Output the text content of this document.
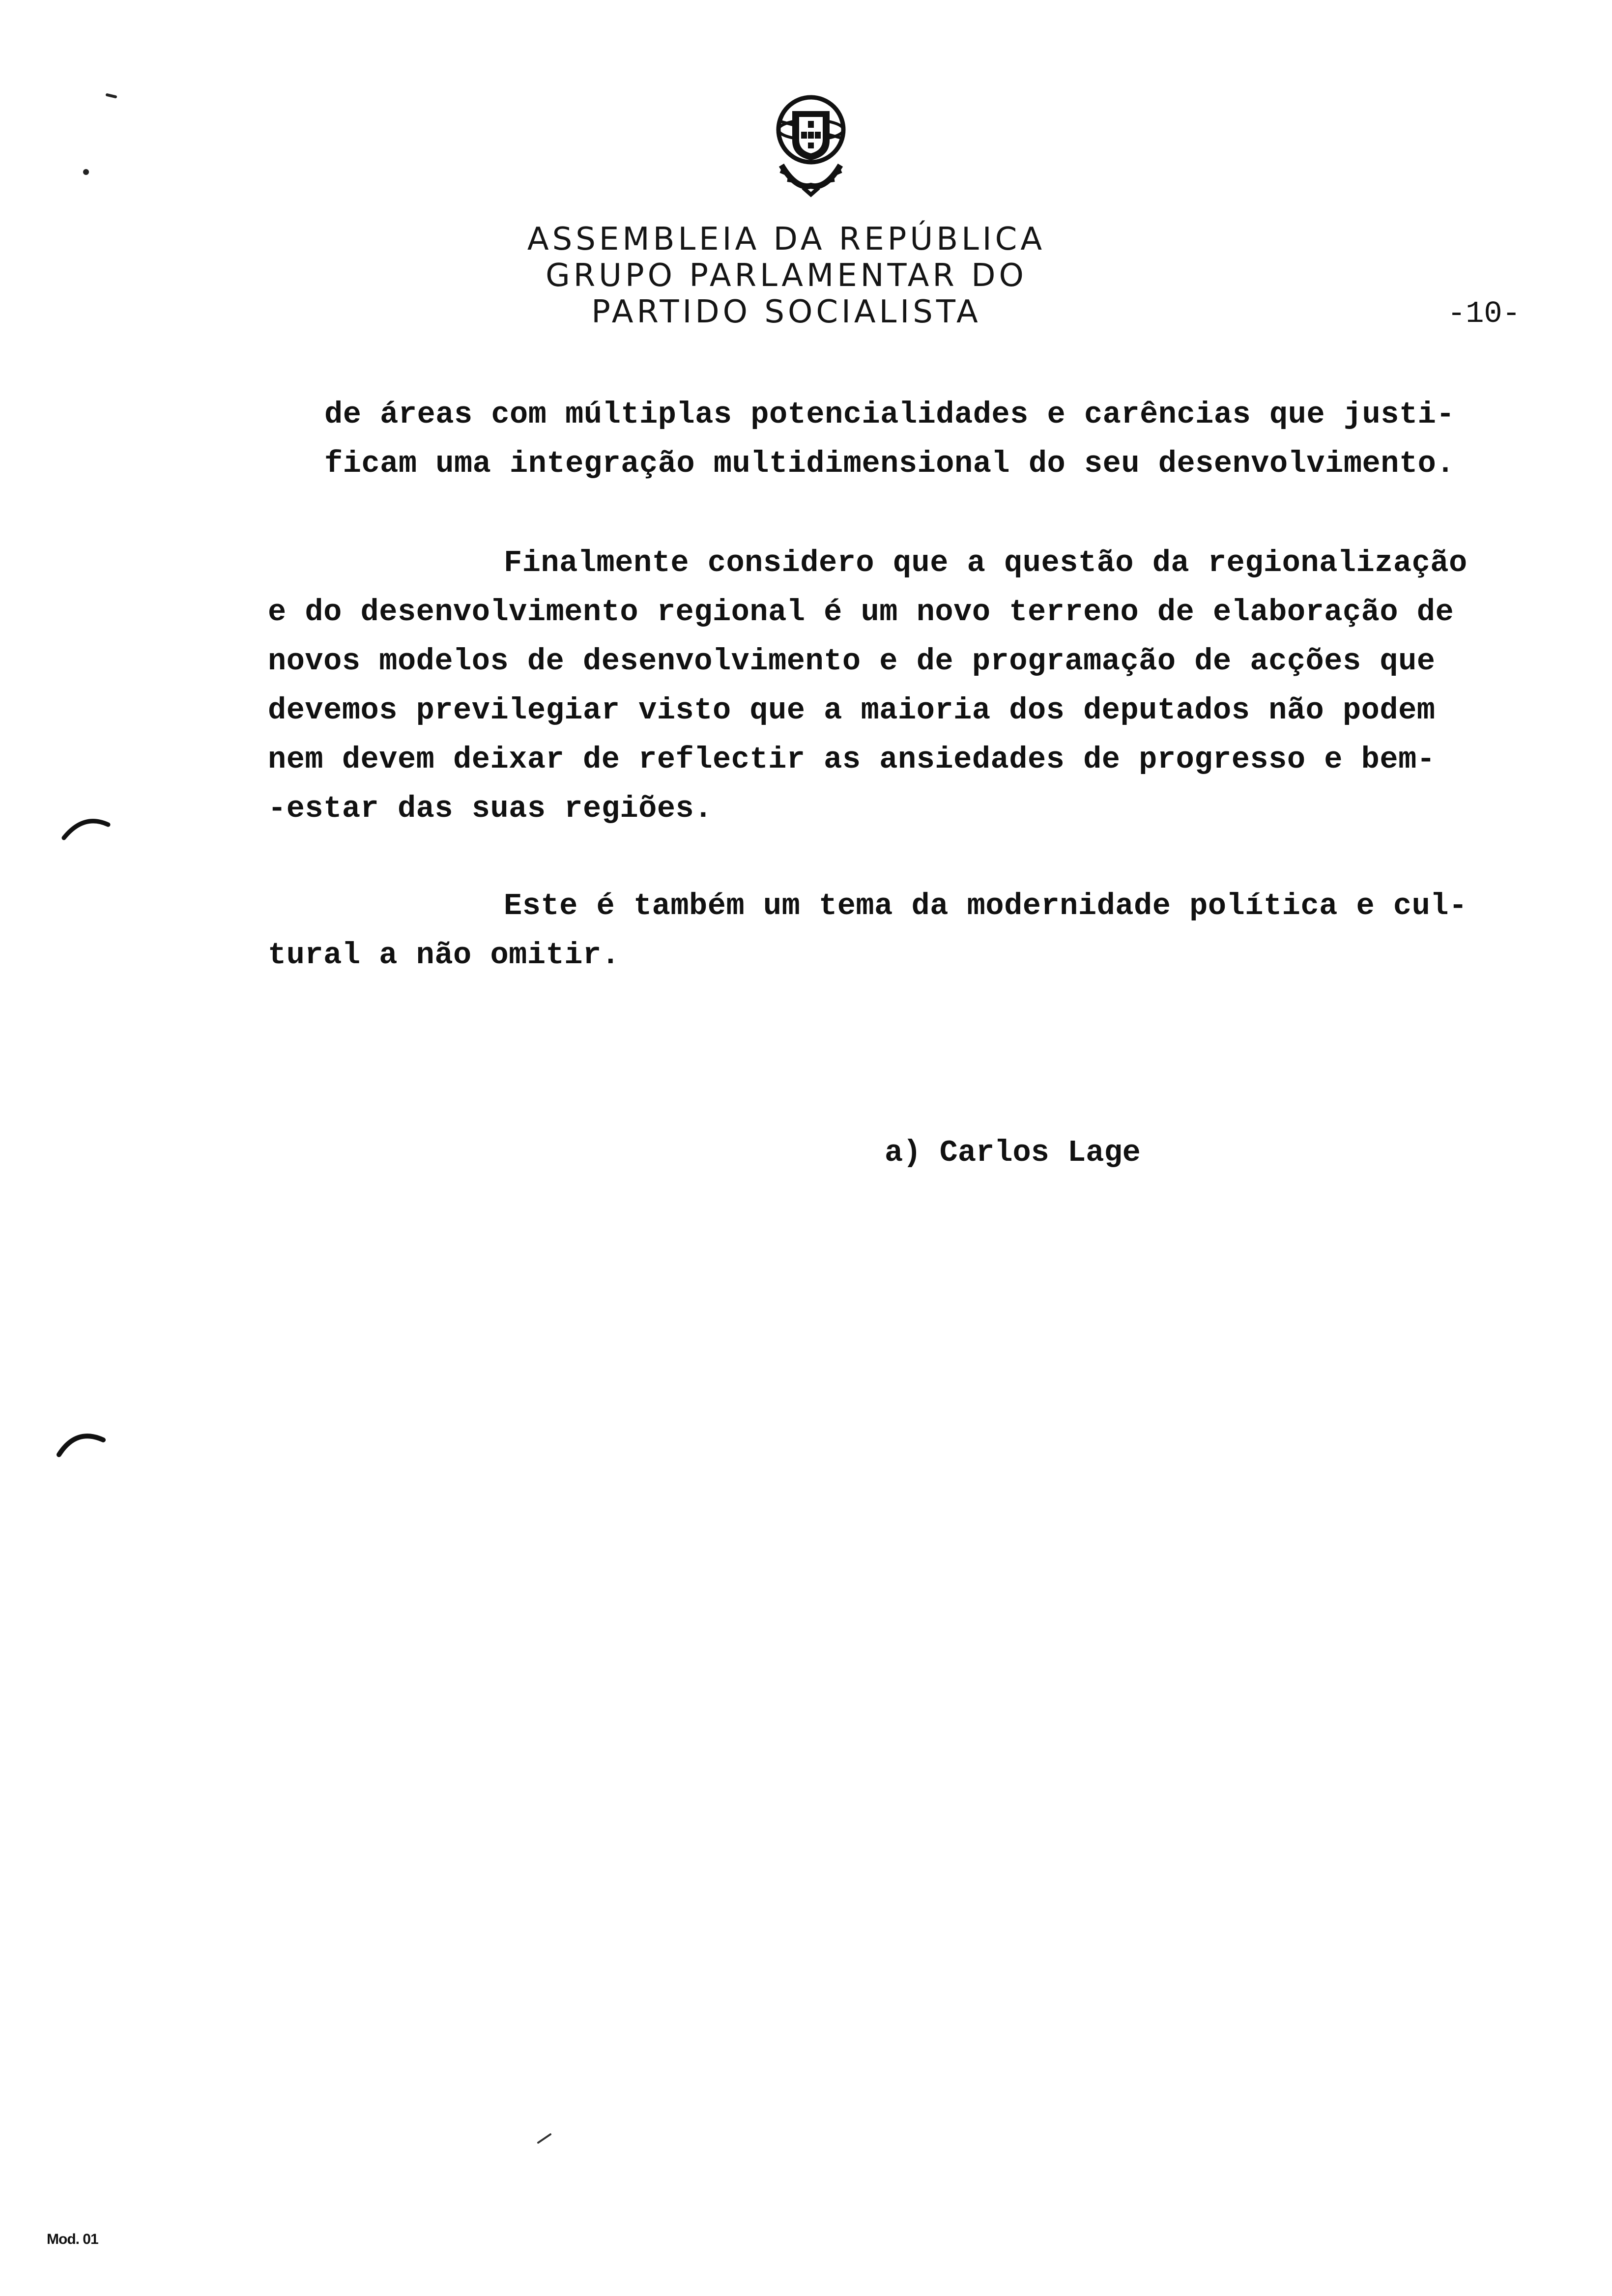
ASSEMBLEIA DA REPÚBLICA
GRUPO PARLAMENTAR DO
PARTIDO SOCIALISTA	-10-
de áreas com múltiplas potencialidades e carências que justi-
ficam uma integração multidimensional do seu desenvolvimento.
Finalmente considero que a questão da regionalização
e do desenvolvimento regional é um novo terreno de elaboração de
novos modelos de desenvolvimento e de programação de acções que
devemos previlegiar visto que a maioria dos deputados não podem
nem devem deixar de reflectir as ansiedades de progresso e bem-
-estar das suas regiões.
Este é também um tema da modernidade política e cul-
tural a não omitir.
a) Carlos Lage
Mod. 01
